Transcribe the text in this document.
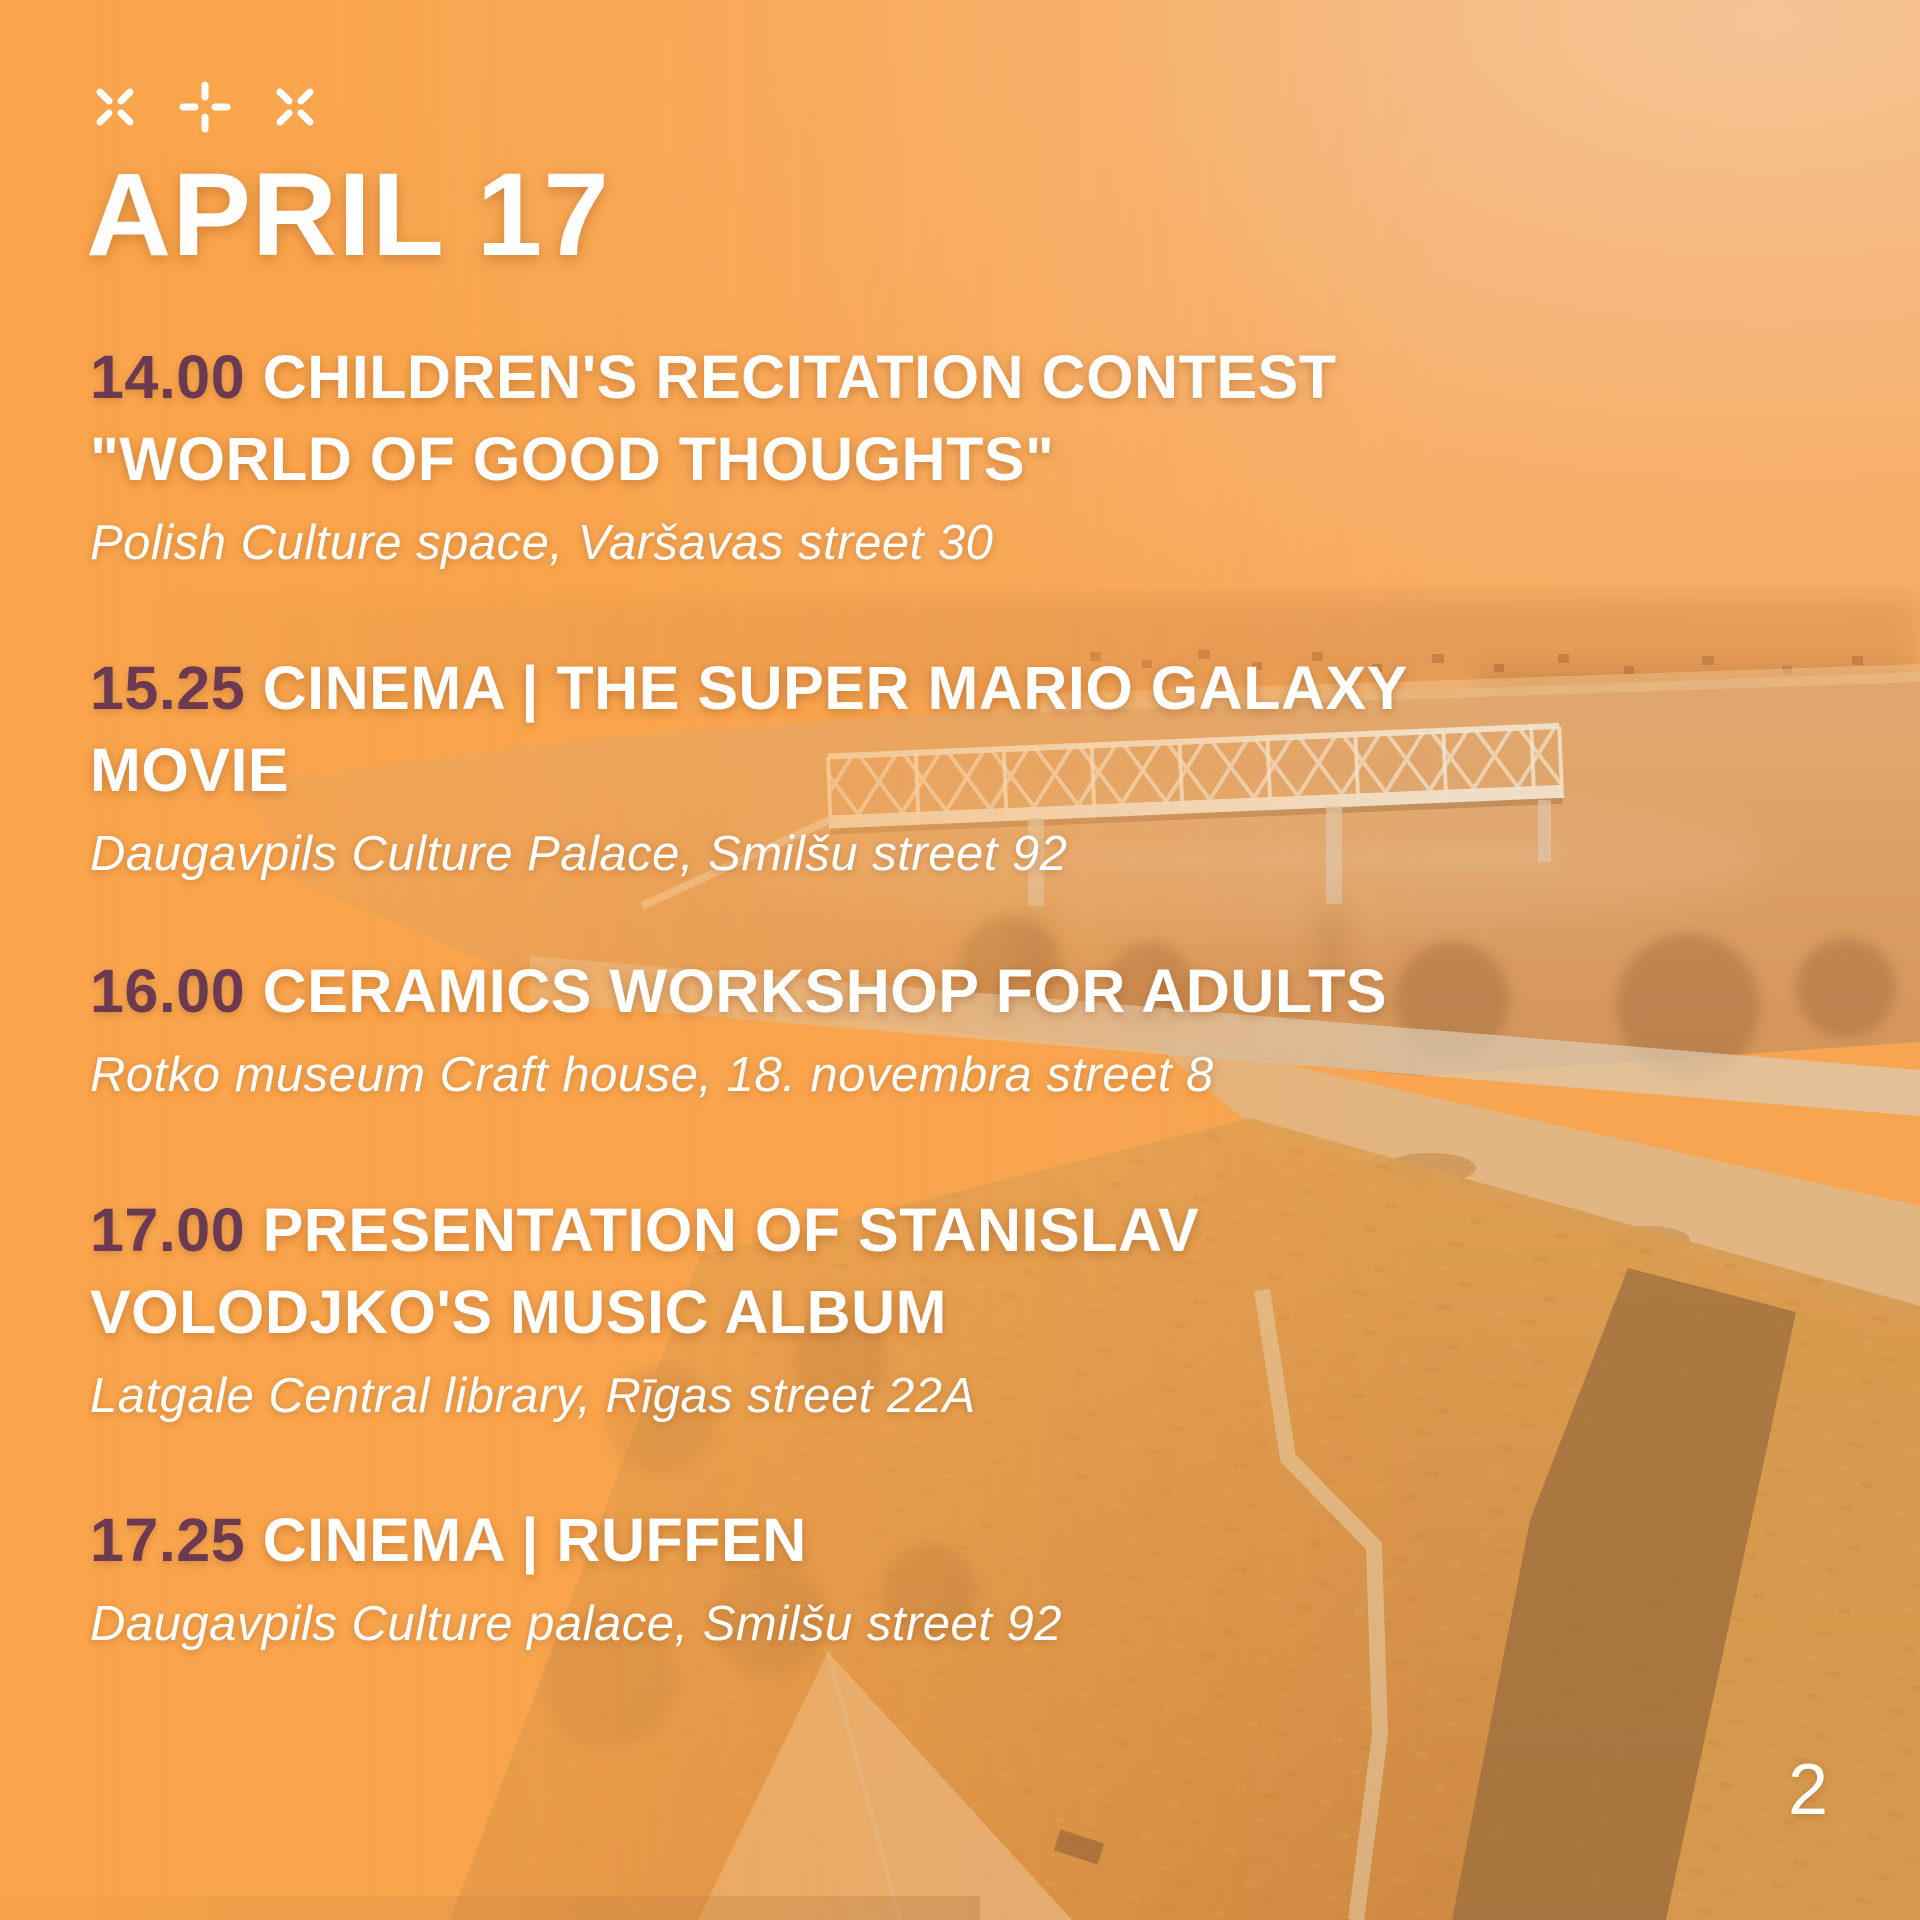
APRIL 17
14.00 CHILDREN'S RECITATION CONTEST "WORLD OF GOOD THOUGHTS"

Polish Culture space, Varšavas street 30

15.25 CINEMA | THE SUPER MARIO GALAXY MOVIE

Daugavpils Culture Palace, Smilšu street 92

16.00 CERAMICS WORKSHOP FOR ADULTS

Rotko museum Craft house, 18. novembra street 8

17.00 PRESENTATION OF STANISLAV VOLODJKO'S MUSIC ALBUM

Latgale Central library, Rīgas street 22A

17.25 CINEMA | RUFFEN

Daugavpils Culture palace, Smilšu street 92

2
